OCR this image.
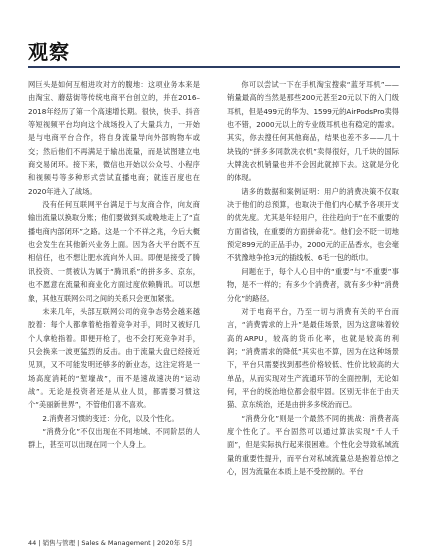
观察

网巨头是如何互相进攻对方的腹地：这项业务本来是由淘宝、蘑菇街等传统电商平台创立的，并在2016–2018年经历了第一个高速增长期。很快，快手、抖音等短视频平台均向这个战场投入了大量兵力，一开始是与电商平台合作，将自身流量导向外部购物车或交；然后他们不再满足于输出流量，而是试图建立电商交易闭环。接下来，微信也开始以公众号、小程序和视频号等多种形式尝试直播电商；就连百度也在2020年进入了战场。

没有任何互联网平台满足于与友商合作，向友商输出流量以换取分账；他们要做到买或晚地走上了“直播电商内部闭环”之路。这是一个不祥之兆，今后大概也会发生在其他新兴业务上面。因为各大平台既不互相信任，也不想让肥水流向外人田。即便是接受了腾讯投资、一贯被认为属于“腾讯系”的拼多多、京东，也不愿意在流量和商业化方面过度依赖腾讯。可以想象，其他互联网公司之间的关系只会更加紧张。

未来几年，头部互联网公司的竞争态势会越来越胶着：每个人都拿着枪指着竞争对手，同时又被好几个人拿枪指着。即便开枪了，也不会打死竞争对手，只会换来一波更猛烈的反击。由于流量大盘已经接近见顶，又不可能发明还够多的新业态，这注定将是一场高度消耗的“堑壕战”，而不是速战速决的“运动战”。无论是投资者还是从业人员，都需要习惯这个“美丽新世界”，不管他们喜不喜欢。

2.消费者习惯的变迁：分化，以及个性化。

“消费分化”不仅出现在不同地域、不同阶层的人群上，甚至可以出现在同一个人身上。

你可以尝试一下在手机淘宝搜索“蓝牙耳机”——销量最高的当然是那些200元甚至20元以下的入门级耳机，但是499元的华为、1599元的AirPodsPro卖得也不错，2000元以上的专业级耳机也有稳定的需求。其实，你去搜任何其他商品，结果也差不多——几十块钱的“拼多多同款冼衣机”卖得很好，几千块的国际大牌洗衣机销量也并不会因此就掉下去。这就是分化的体现。

诸多的数据和案例证明：用户的消费决策不仅取决于他们的总预算，也取决于他们内心赋予各项开支的优先度。尤其是年轻用户，往往趋向于“在不重要的方面省钱，在重要的方面拼命花”。他们会不眨一切地预定899元的正品手办，2000元的正品香水，也会毫不犹豫地争抢3元的插线板、6毛一包的纸巾。

问题在于，每个人心目中的“重要”与“不重要”事物，是不一样的；有多少个消费者，就有多少种“消费分化”的路径。

对于电商平台，乃至一切与消费有关的平台而言，“消费需求的上升”是最佳场景，因为这意味着较高的ARPU，较高的货币化率，也就是较高的利润；“消费需求的降低”其实也不算，因为在这种场景下，平台只需要找到那些价格较低、性价比较高的大单品，从而实现对生产流通环节的全面控制，无论如何，平台的统治地位都会很牢固。区别无非在于由天猫、京东统治，还是由拼多多统治而已。

“消费分化”则是一个最然不同的挑战：消费者高度个性化了。平台固然可以通过算法实现“千人千面”，但是实际执行起来很困难。个性化会导致私域流量的重要性提升，而平台对私域流量总是抱着总悼之心，因为流量在本质上是不受控制的。平台

44 | 销售与管理 | Sales & Management | 2020年 5月
